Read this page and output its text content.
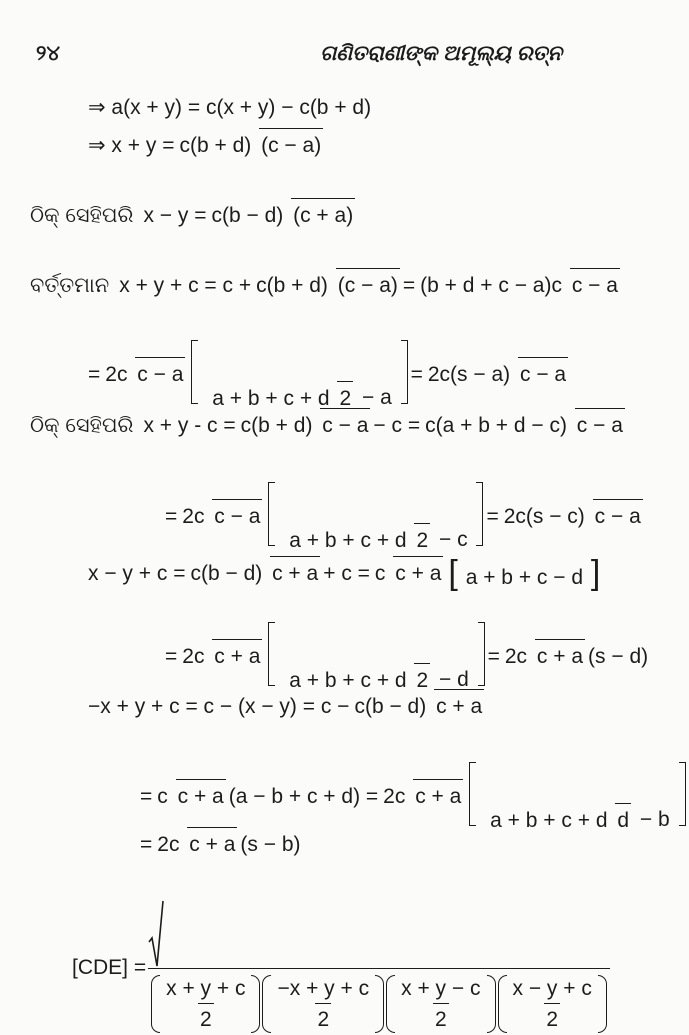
୨୪	ଗଣିତରାଣୀଙ୍କ ଅମୂଲ୍ୟ ରତ୍ନ
⇒ a(x + y) = c(x + y) − c(b + d)
⇒ x + y = c(b + d) (c − a)
ଠିକ୍ ସେହିପରି x − y = c(b − d) (c + a)
ବର୍ତ୍ତମାନ x + y + c = c + c(b + d) (c − a) = (b + d + c − a)c c − a
= 2c c − a
a + b + c + d 2 − a
= 2c(s − a) c − a
ଠିକ୍ ସେହିପରି x + y - c = c(b + d) c − a − c = c(a + b + d − c) c − a
= 2c c − a
a + b + c + d 2 − c
= 2c(s − c) c − a
x − y + c = c(b − d) c + a + c = c c + a [ a + b + c − d ]
= 2c c + a
a + b + c + d 2 − d
= 2c c + a (s − d)
−x + y + c = c − (x − y) = c − c(b − d) c + a
= c c + a (a − b + c + d) = 2c c + a
a + b + c + d d − b
= 2c c + a (s − b)
[CDE] =
$\frac{x + y + c}{2} \frac{-x + y + c}{2} \frac{x + y - c}{2} \frac{x - y + c}{2}$
